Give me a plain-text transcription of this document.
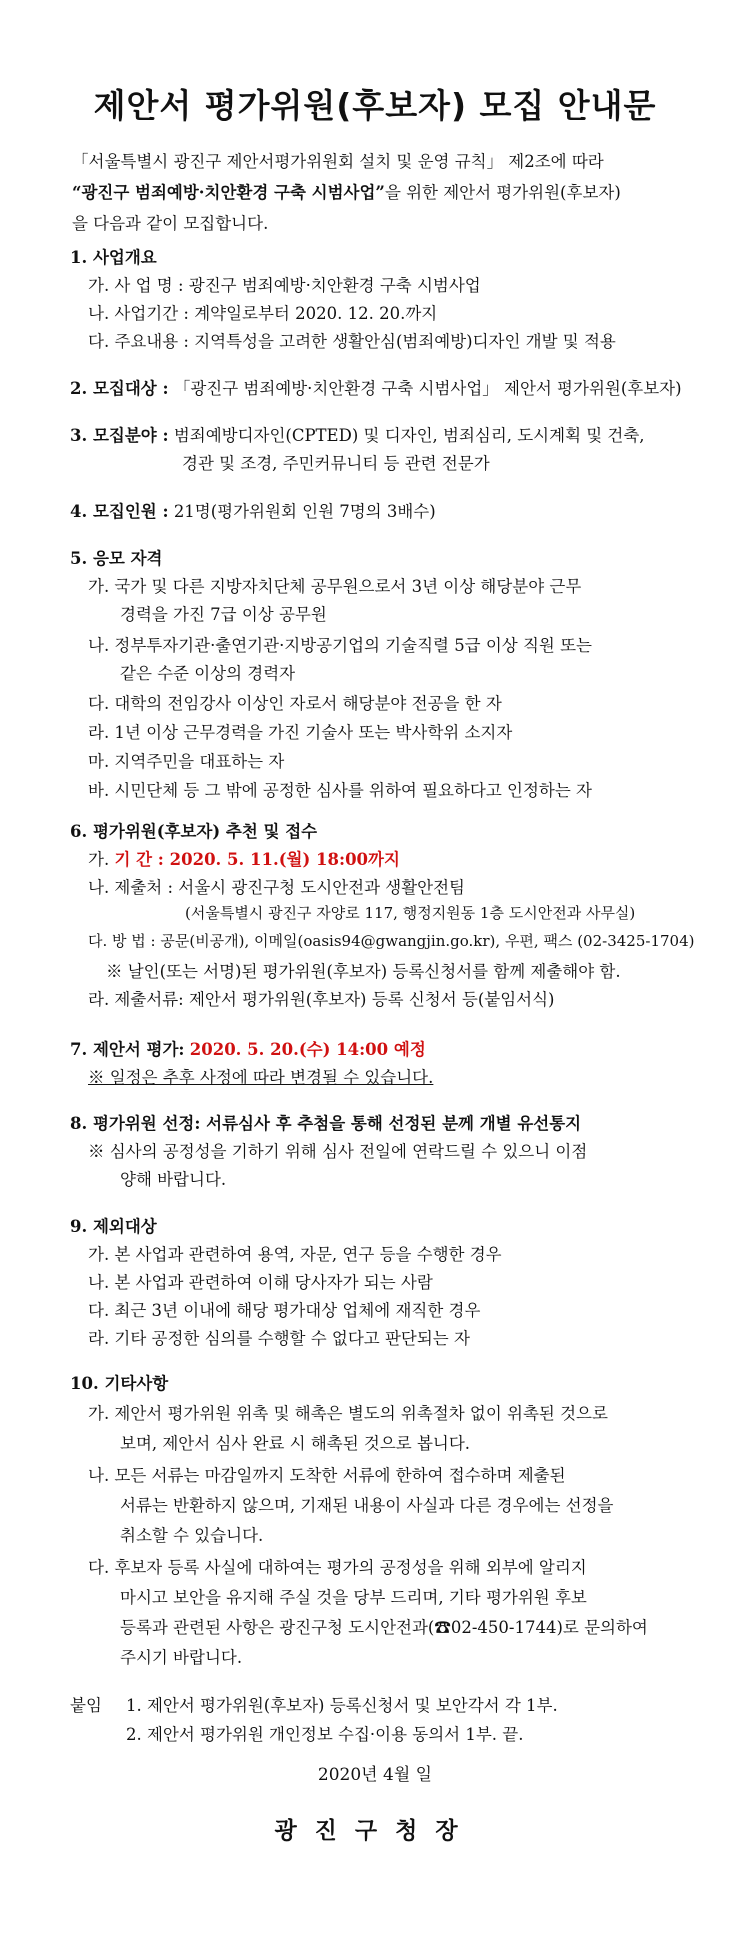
제안서 평가위원(후보자) 모집 안내문
「서울특별시 광진구 제안서평가위원회 설치 및 운영 규칙」 제2조에 따라
“광진구 범죄예방·치안환경 구축 시범사업”을 위한 제안서 평가위원(후보자)
을 다음과 같이 모집합니다.
1. 사업개요
가. 사 업 명 : 광진구 범죄예방·치안환경 구축 시범사업
나. 사업기간 : 계약일로부터 2020. 12. 20.까지
다. 주요내용 : 지역특성을 고려한 생활안심(범죄예방)디자인 개발 및 적용
2. 모집대상 : 「광진구 범죄예방·치안환경 구축 시범사업」 제안서 평가위원(후보자)
3. 모집분야 : 범죄예방디자인(CPTED) 및 디자인, 범죄심리, 도시계획 및 건축,
경관 및 조경, 주민커뮤니티 등 관련 전문가
4. 모집인원 : 21명(평가위원회 인원 7명의 3배수)
5. 응모 자격
가. 국가 및 다른 지방자치단체 공무원으로서 3년 이상 해당분야 근무
경력을 가진 7급 이상 공무원
나. 정부투자기관·출연기관·지방공기업의 기술직렬 5급 이상 직원 또는
같은 수준 이상의 경력자
다. 대학의 전임강사 이상인 자로서 해당분야 전공을 한 자
라. 1년 이상 근무경력을 가진 기술사 또는 박사학위 소지자
마. 지역주민을 대표하는 자
바. 시민단체 등 그 밖에 공정한 심사를 위하여 필요하다고 인정하는 자
6. 평가위원(후보자) 추천 및 접수
가. 기 간 : 2020. 5. 11.(월) 18:00까지
나. 제출처 : 서울시 광진구청 도시안전과 생활안전팀
(서울특별시 광진구 자양로 117, 행정지원동 1층 도시안전과 사무실)
다. 방 법 : 공문(비공개), 이메일(oasis94@gwangjin.go.kr), 우편, 팩스 (02-3425-1704)
※ 날인(또는 서명)된 평가위원(후보자) 등록신청서를 함께 제출해야 함.
라. 제출서류: 제안서 평가위원(후보자) 등록 신청서 등(붙임서식)
7. 제안서 평가: 2020. 5. 20.(수) 14:00 예정
※ 일정은 추후 사정에 따라 변경될 수 있습니다.
8. 평가위원 선정: 서류심사 후 추첨을 통해 선정된 분께 개별 유선통지
※ 심사의 공정성을 기하기 위해 심사 전일에 연락드릴 수 있으니 이점
양해 바랍니다.
9. 제외대상
가. 본 사업과 관련하여 용역, 자문, 연구 등을 수행한 경우
나. 본 사업과 관련하여 이해 당사자가 되는 사람
다. 최근 3년 이내에 해당 평가대상 업체에 재직한 경우
라. 기타 공정한 심의를 수행할 수 없다고 판단되는 자
10. 기타사항
가. 제안서 평가위원 위촉 및 해촉은 별도의 위촉절차 없이 위촉된 것으로
보며, 제안서 심사 완료 시 해촉된 것으로 봅니다.
나. 모든 서류는 마감일까지 도착한 서류에 한하여 접수하며 제출된
서류는 반환하지 않으며, 기재된 내용이 사실과 다른 경우에는 선정을
취소할 수 있습니다.
다. 후보자 등록 사실에 대하여는 평가의 공정성을 위해 외부에 알리지
마시고 보안을 유지해 주실 것을 당부 드리며, 기타 평가위원 후보
등록과 관련된 사항은 광진구청 도시안전과(☎02-450-1744)로 문의하여
주시기 바랍니다.
붙임 1. 제안서 평가위원(후보자) 등록신청서 및 보안각서 각 1부.
2. 제안서 평가위원 개인정보 수집·이용 동의서 1부. 끝.
2020년 4월 일
광진구청장
